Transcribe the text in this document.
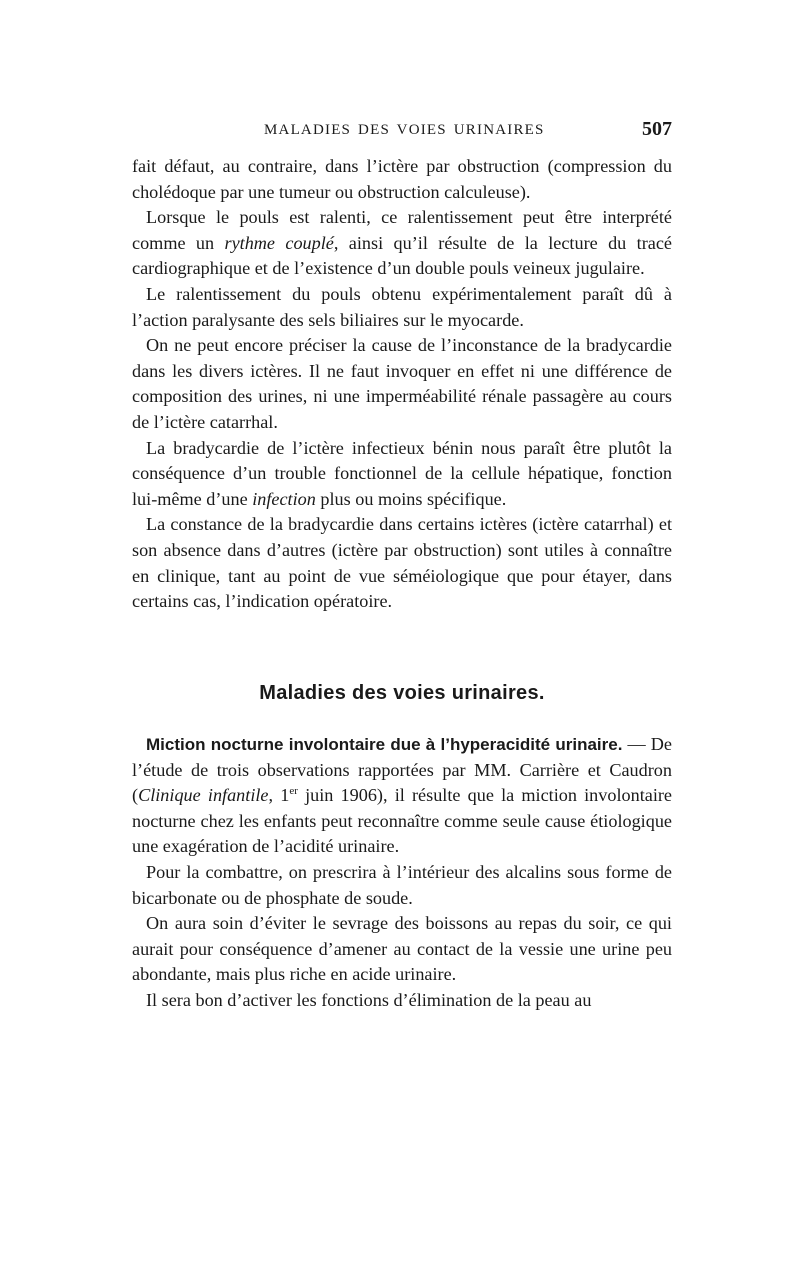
MALADIES DES VOIES URINAIRES	507

fait défaut, au contraire, dans l’ictère par obstruction (compression du cholédoque par une tumeur ou obstruction calculeuse).

Lorsque le pouls est ralenti, ce ralentissement peut être interprété comme un rythme couplé, ainsi qu’il résulte de la lecture du tracé cardiographique et de l’existence d’un double pouls veineux jugulaire.

Le ralentissement du pouls obtenu expérimentalement paraît dû à l’action paralysante des sels biliaires sur le myocarde.

On ne peut encore préciser la cause de l’inconstance de la bradycardie dans les divers ictères. Il ne faut invoquer en effet ni une différence de composition des urines, ni une imperméabilité rénale passagère au cours de l’ictère catarrhal.

La bradycardie de l’ictère infectieux bénin nous paraît être plutôt la conséquence d’un trouble fonctionnel de la cellule hépatique, fonction lui-même d’une infection plus ou moins spécifique.

La constance de la bradycardie dans certains ictères (ictère catarrhal) et son absence dans d’autres (ictère par obstruction) sont utiles à connaître en clinique, tant au point de vue séméiologique que pour étayer, dans certains cas, l’indication opératoire.

Maladies des voies urinaires.

Miction nocturne involontaire due à l’hyperacidité urinaire. — De l’étude de trois observations rapportées par MM. Carrière et Caudron (Clinique infantile, 1er juin 1906), il résulte que la miction involontaire nocturne chez les enfants peut reconnaître comme seule cause étiologique une exagération de l’acidité urinaire.

Pour la combattre, on prescrira à l’intérieur des alcalins sous forme de bicarbonate ou de phosphate de soude.

On aura soin d’éviter le sevrage des boissons au repas du soir, ce qui aurait pour conséquence d’amener au contact de la vessie une urine peu abondante, mais plus riche en acide urinaire.

Il sera bon d’activer les fonctions d’élimination de la peau au
